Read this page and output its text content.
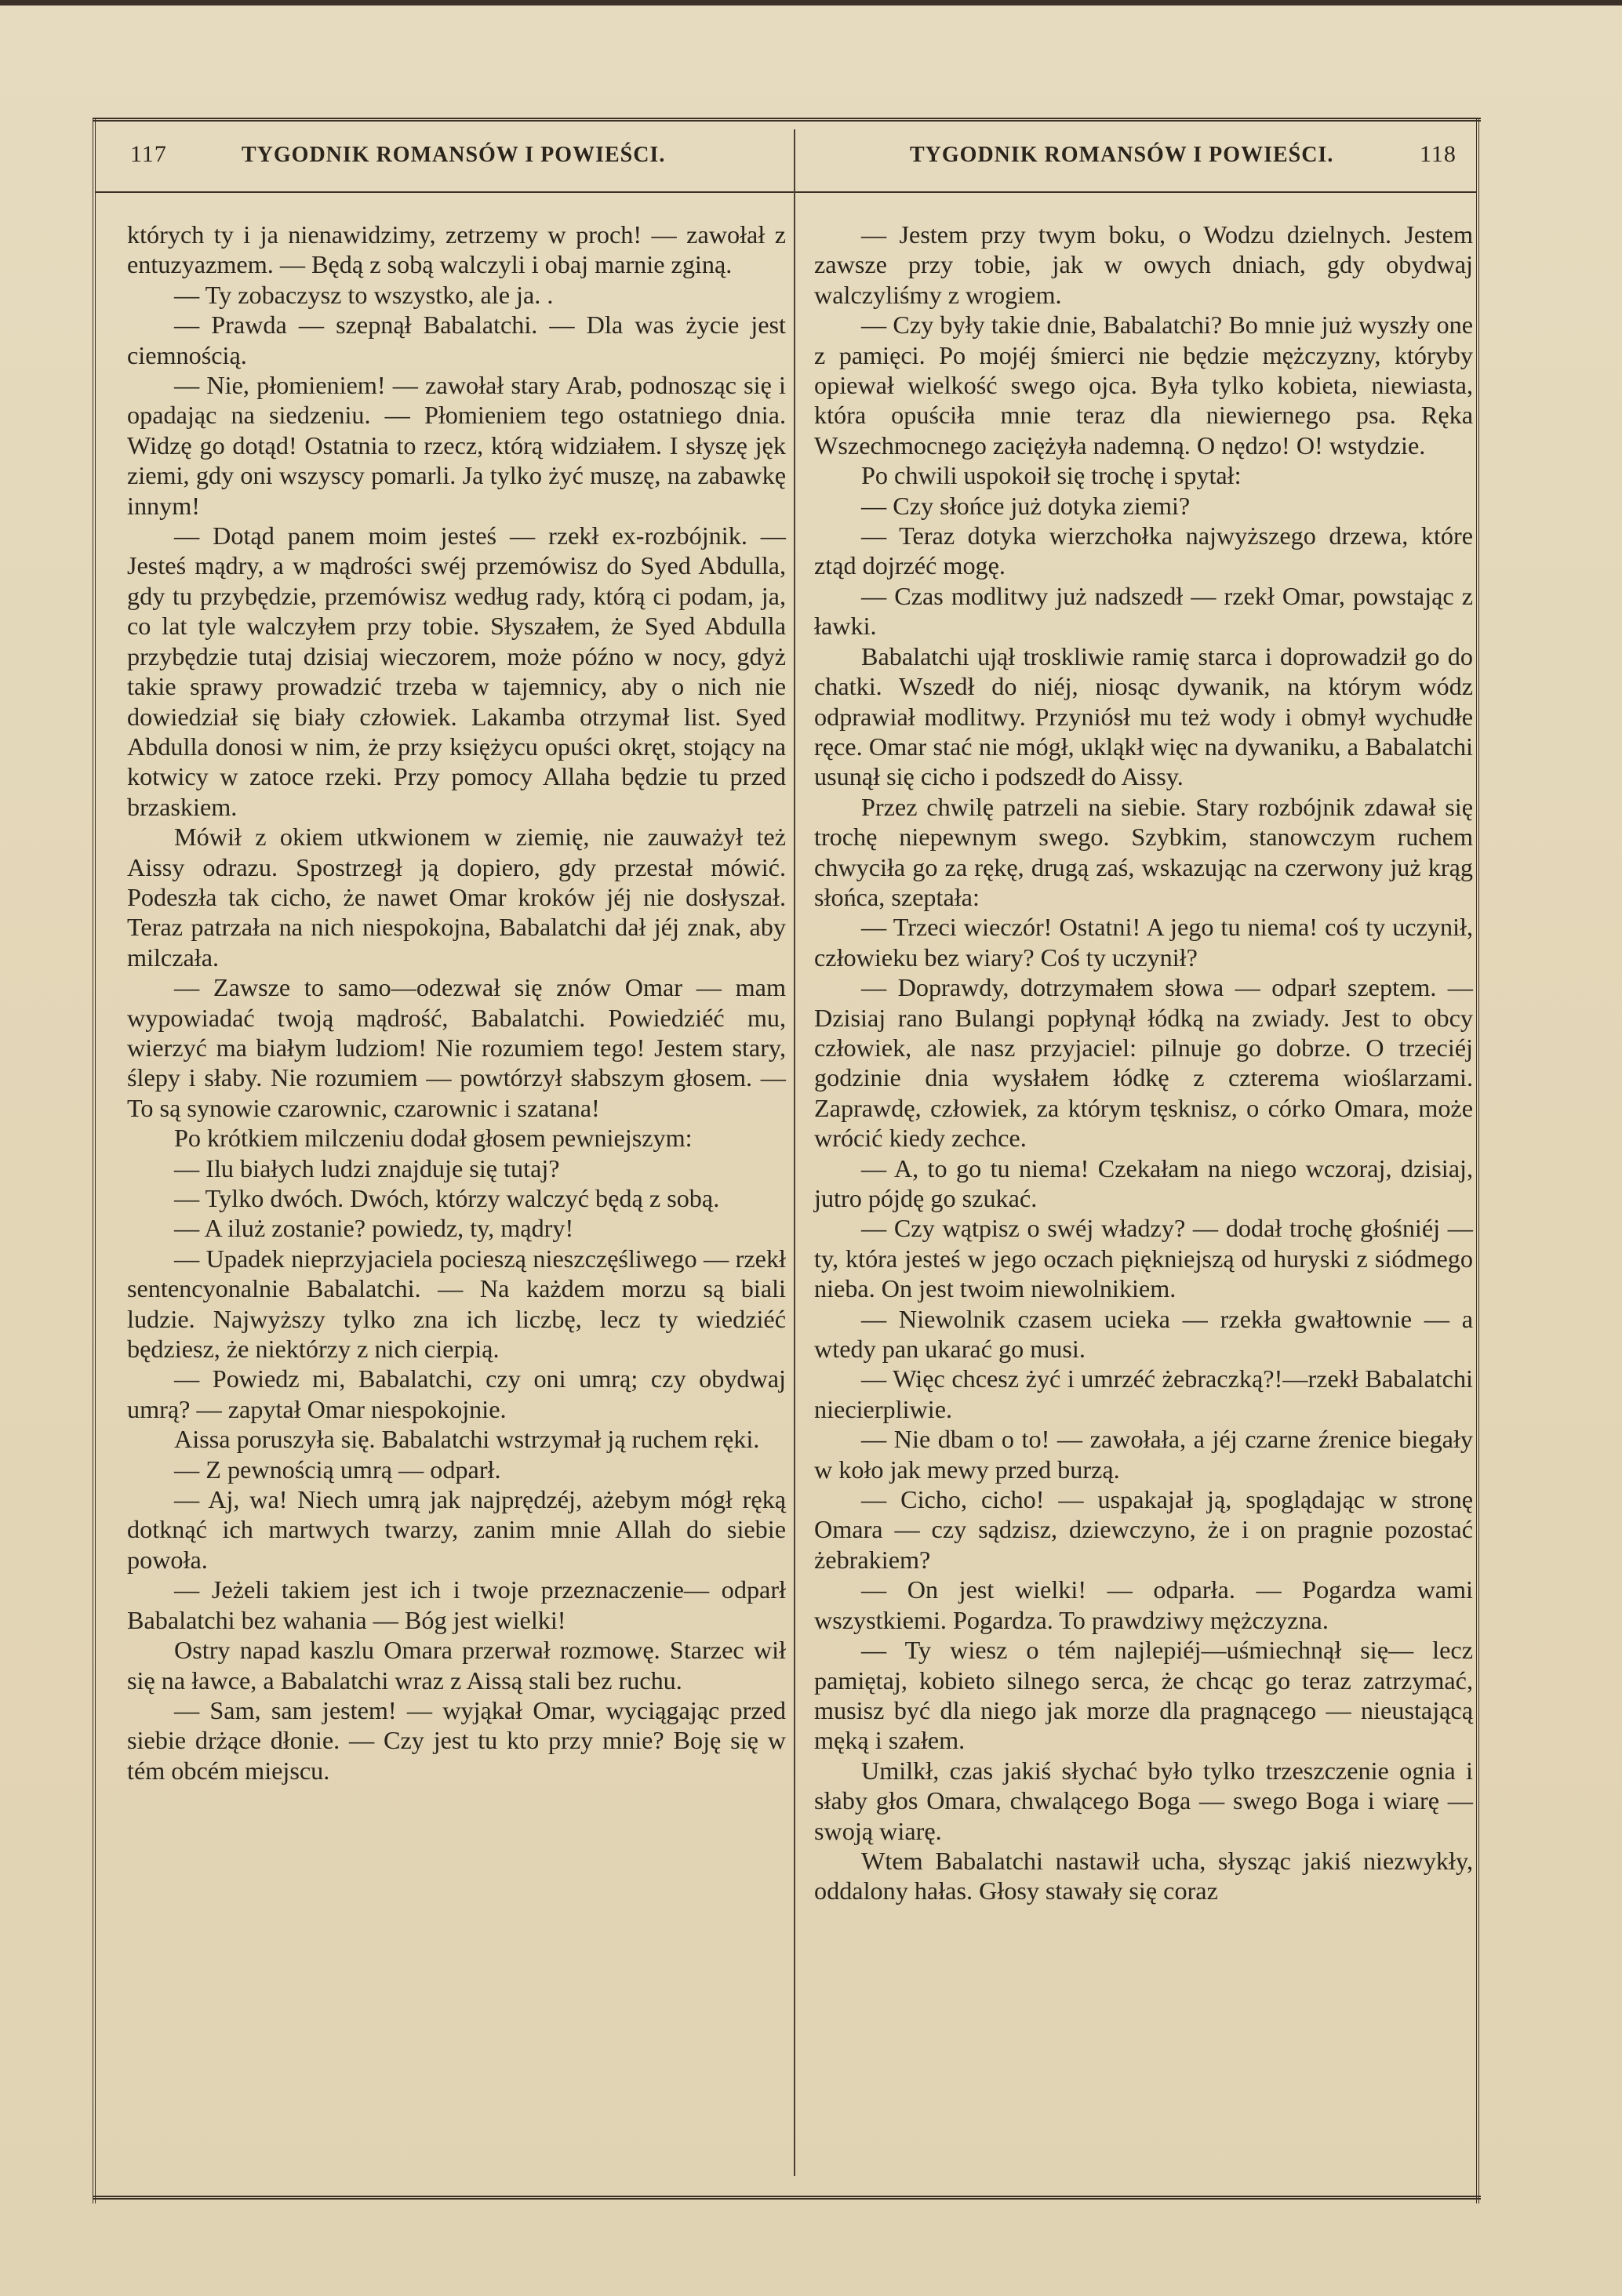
117	TYGODNIK ROMANSÓW I POWIEŚCI.	TYGODNIK ROMANSÓW I POWIEŚCI.	118

których ty i ja nienawidzimy, zetrzemy w proch! — zawołał z entuzyazmem. — Będą z sobą walczyli i obaj marnie zginą.

— Ty zobaczysz to wszystko, ale ja. .

— Prawda — szepnął Babalatchi. — Dla was życie jest ciemnością.

— Nie, płomieniem! — zawołał stary Arab, podnosząc się i opadając na siedzeniu. — Płomieniem tego ostatniego dnia. Widzę go dotąd! Ostatnia to rzecz, którą widziałem. I słyszę jęk ziemi, gdy oni wszyscy pomarli. Ja tylko żyć muszę, na zabawkę innym!

— Dotąd panem moim jesteś — rzekł ex-rozbójnik. — Jesteś mądry, a w mądrości swéj przemówisz do Syed Abdulla, gdy tu przybędzie, przemówisz według rady, którą ci podam, ja, co lat tyle walczyłem przy tobie. Słyszałem, że Syed Abdulla przybędzie tutaj dzisiaj wieczorem, może późno w nocy, gdyż takie sprawy prowadzić trzeba w tajemnicy, aby o nich nie dowiedział się biały człowiek. Lakamba otrzymał list. Syed Abdulla donosi w nim, że przy księżycu opuści okręt, stojący na kotwicy w zatoce rzeki. Przy pomocy Allaha będzie tu przed brzaskiem.

Mówił z okiem utkwionem w ziemię, nie zauważył też Aissy odrazu. Spostrzegł ją dopiero, gdy przestał mówić. Podeszła tak cicho, że nawet Omar kroków jéj nie dosłyszał. Teraz patrzała na nich niespokojna, Babalatchi dał jéj znak, aby milczała.

— Zawsze to samo—odezwał się znów Omar — mam wypowiadać twoją mądrość, Babalatchi. Powiedziéć mu, wierzyć ma białym ludziom! Nie rozumiem tego! Jestem stary, ślepy i słaby. Nie rozumiem — powtórzył słabszym głosem. — To są synowie czarownic, czarownic i szatana!

Po krótkiem milczeniu dodał głosem pewniejszym:

— Ilu białych ludzi znajduje się tutaj?

— Tylko dwóch. Dwóch, którzy walczyć będą z sobą.

— A iluż zostanie? powiedz, ty, mądry!

— Upadek nieprzyjaciela pocieszą nieszczęśliwego — rzekł sentencyonalnie Babalatchi. — Na każdem morzu są biali ludzie. Najwyższy tylko zna ich liczbę, lecz ty wiedziéć będziesz, że niektórzy z nich cierpią.

— Powiedz mi, Babalatchi, czy oni umrą; czy obydwaj umrą? — zapytał Omar niespokojnie.

Aissa poruszyła się. Babalatchi wstrzymał ją ruchem ręki.

— Z pewnością umrą — odparł.

— Aj, wa! Niech umrą jak najprędzéj, ażebym mógł ręką dotknąć ich martwych twarzy, zanim mnie Allah do siebie powoła.

— Jeżeli takiem jest ich i twoje przeznaczenie— odparł Babalatchi bez wahania — Bóg jest wielki!

Ostry napad kaszlu Omara przerwał rozmowę. Starzec wił się na ławce, a Babalatchi wraz z Aissą stali bez ruchu.

— Sam, sam jestem! — wyjąkał Omar, wyciągając przed siebie drżące dłonie. — Czy jest tu kto przy mnie? Boję się w tém obcém miejscu.

— Jestem przy twym boku, o Wodzu dzielnych. Jestem zawsze przy tobie, jak w owych dniach, gdy obydwaj walczyliśmy z wrogiem.

— Czy były takie dnie, Babalatchi? Bo mnie już wyszły one z pamięci. Po mojéj śmierci nie będzie mężczyzny, któryby opiewał wielkość swego ojca. Była tylko kobieta, niewiasta, która opuściła mnie teraz dla niewiernego psa. Ręka Wszechmocnego zaciężyła nademną. O nędzo! O! wstydzie.

Po chwili uspokoił się trochę i spytał:

— Czy słońce już dotyka ziemi?

— Teraz dotyka wierzchołka najwyższego drzewa, które ztąd dojrzéć mogę.

— Czas modlitwy już nadszedł — rzekł Omar, powstając z ławki.

Babalatchi ujął troskliwie ramię starca i doprowadził go do chatki. Wszedł do niéj, niosąc dywanik, na którym wódz odprawiał modlitwy. Przyniósł mu też wody i obmył wychudłe ręce. Omar stać nie mógł, ukląkł więc na dywaniku, a Babalatchi usunął się cicho i podszedł do Aissy.

Przez chwilę patrzeli na siebie. Stary rozbójnik zdawał się trochę niepewnym swego. Szybkim, stanowczym ruchem chwyciła go za rękę, drugą zaś, wskazując na czerwony już krąg słońca, szeptała:

— Trzeci wieczór! Ostatni! A jego tu niema! coś ty uczynił, człowieku bez wiary? Coś ty uczynił?

— Doprawdy, dotrzymałem słowa — odparł szeptem. — Dzisiaj rano Bulangi popłynął łódką na zwiady. Jest to obcy człowiek, ale nasz przyjaciel: pilnuje go dobrze. O trzeciéj godzinie dnia wysłałem łódkę z czterema wioślarzami. Zaprawdę, człowiek, za którym tęsknisz, o córko Omara, może wrócić kiedy zechce.

— A, to go tu niema! Czekałam na niego wczoraj, dzisiaj, jutro pójdę go szukać.

— Czy wątpisz o swéj władzy? — dodał trochę głośniéj —ty, która jesteś w jego oczach piękniejszą od huryski z siódmego nieba. On jest twoim niewolnikiem.

— Niewolnik czasem ucieka — rzekła gwałtownie — a wtedy pan ukarać go musi.

— Więc chcesz żyć i umrzéć żebraczką?!—rzekł Babalatchi niecierpliwie.

— Nie dbam o to! — zawołała, a jéj czarne źrenice biegały w koło jak mewy przed burzą.

— Cicho, cicho! — uspakajał ją, spoglądając w stronę Omara — czy sądzisz, dziewczyno, że i on pragnie pozostać żebrakiem?

— On jest wielki! — odparła. — Pogardza wami wszystkiemi. Pogardza. To prawdziwy mężczyzna.

— Ty wiesz o tém najlepiéj—uśmiechnął się— lecz pamiętaj, kobieto silnego serca, że chcąc go teraz zatrzymać, musisz być dla niego jak morze dla pragnącego — nieustającą męką i szałem.

Umilkł, czas jakiś słychać było tylko trzeszczenie ognia i słaby głos Omara, chwalącego Boga — swego Boga i wiarę — swoją wiarę.

Wtem Babalatchi nastawił ucha, słysząc jakiś niezwykły, oddalony hałas. Głosy stawały się coraz
